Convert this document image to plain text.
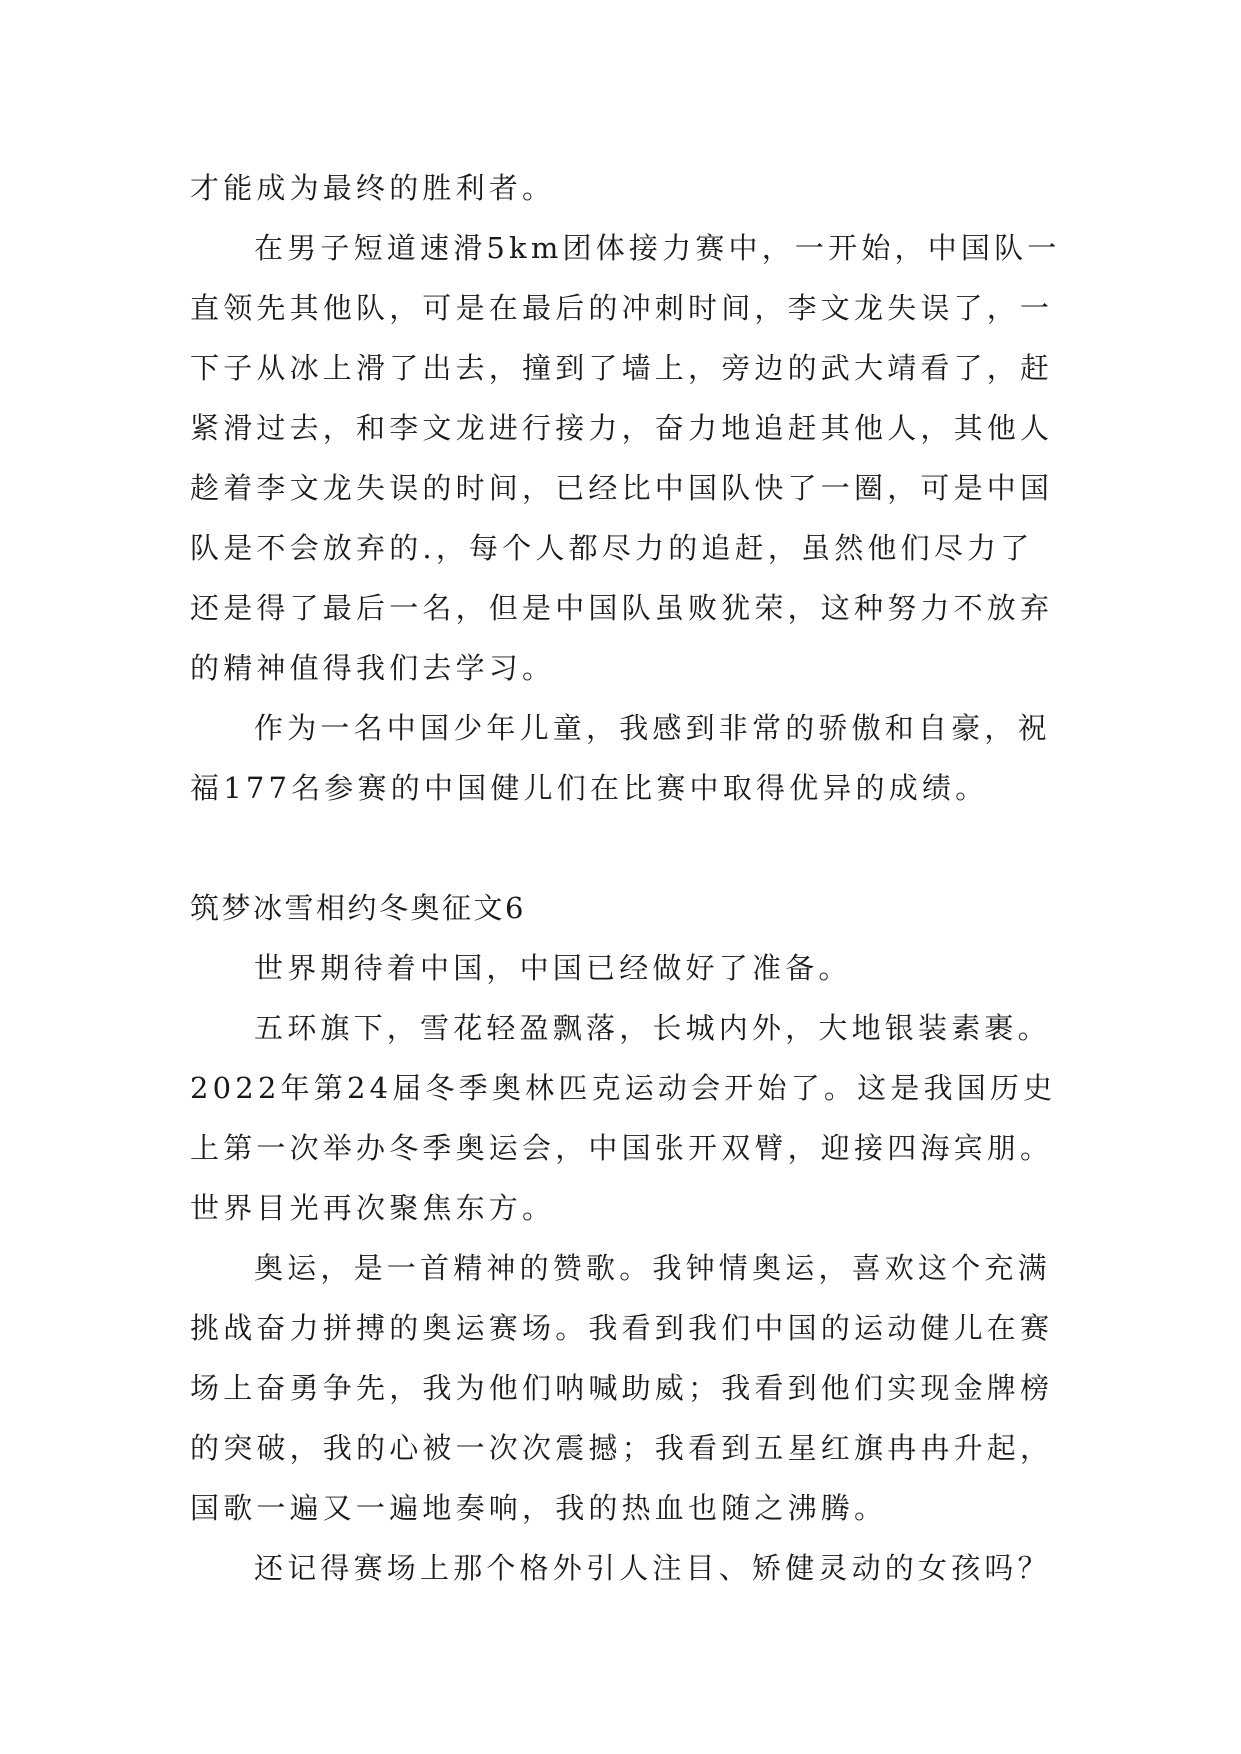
才能成为最终的胜利者。

在男子短道速滑5km团体接力赛中，一开始，中国队一

直领先其他队，可是在最后的冲刺时间，李文龙失误了，一

下子从冰上滑了出去，撞到了墙上，旁边的武大靖看了，赶

紧滑过去，和李文龙进行接力，奋力地追赶其他人，其他人

趁着李文龙失误的时间，已经比中国队快了一圈，可是中国

队是不会放弃的.，每个人都尽力的追赶，虽然他们尽力了

还是得了最后一名，但是中国队虽败犹荣，这种努力不放弃

的精神值得我们去学习。

作为一名中国少年儿童，我感到非常的骄傲和自豪，祝

福177名参赛的中国健儿们在比赛中取得优异的成绩。

筑梦冰雪相约冬奥征文6

世界期待着中国，中国已经做好了准备。

五环旗下，雪花轻盈飘落，长城内外，大地银装素裹。

2022年第24届冬季奥林匹克运动会开始了。这是我国历史

上第一次举办冬季奥运会，中国张开双臂，迎接四海宾朋。

世界目光再次聚焦东方。

奥运，是一首精神的赞歌。我钟情奥运，喜欢这个充满

挑战奋力拼搏的奥运赛场。我看到我们中国的运动健儿在赛

场上奋勇争先，我为他们呐喊助威；我看到他们实现金牌榜

的突破，我的心被一次次震撼；我看到五星红旗冉冉升起，

国歌一遍又一遍地奏响，我的热血也随之沸腾。

还记得赛场上那个格外引人注目、矫健灵动的女孩吗？
